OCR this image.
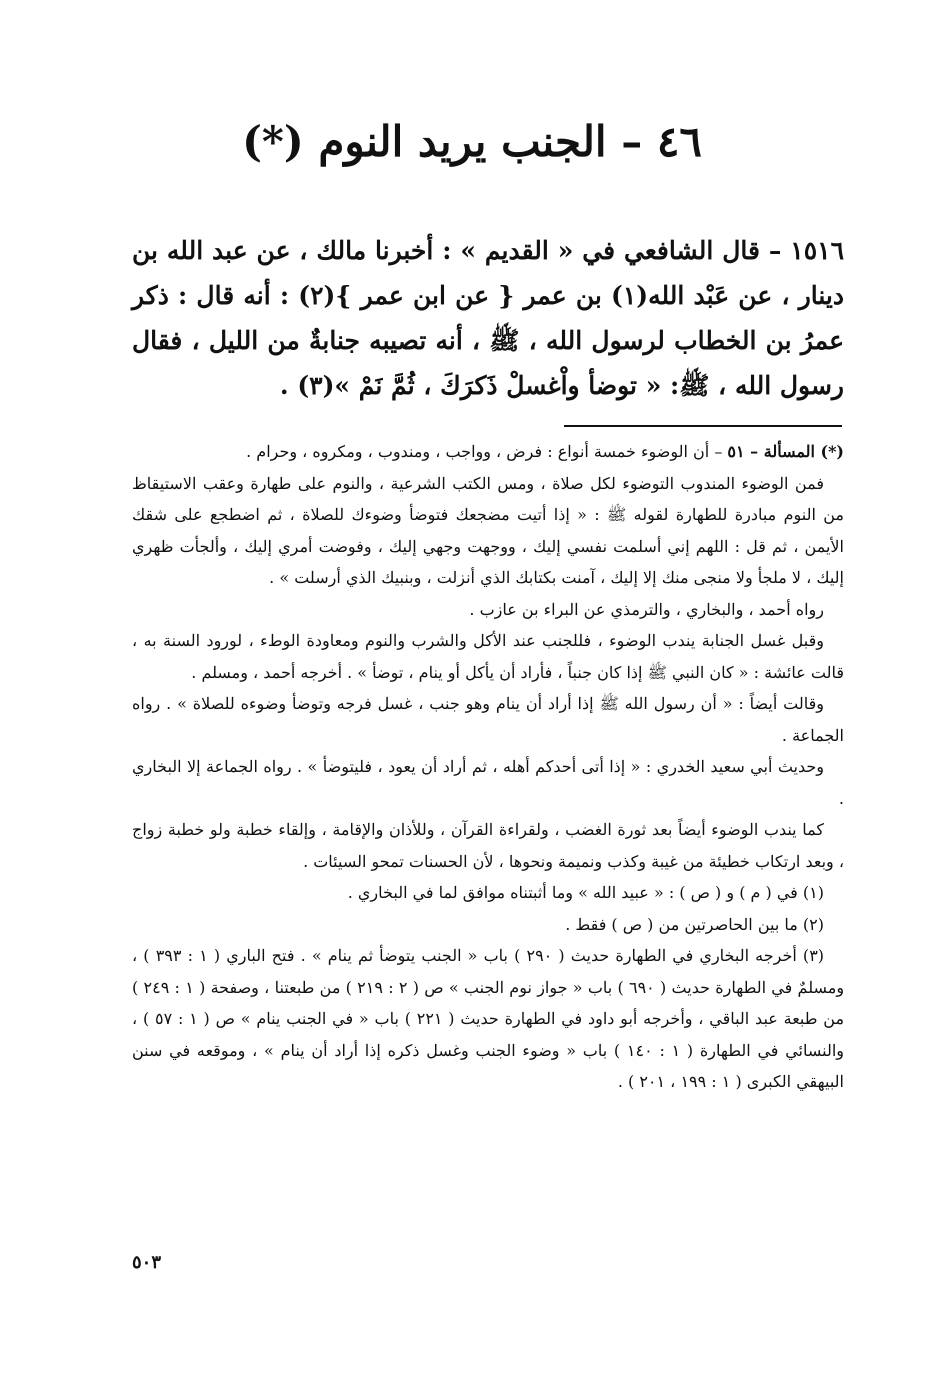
٤٦ – الجنب يريد النوم (*)

١٥١٦ – قال الشافعي في « القديم » : أخبرنا مالك ، عن عبد الله بن دينار ، عن عَبْد الله(١) بن عمر { عن ابن عمر }(٢) : أنه قال : ذكر عمرُ بن الخطاب لرسول الله ، ﷺ ، أنه تصيبه جنابةٌ من الليل ، فقال رسول الله ، ﷺ: « توضأ واْغسلْ ذَكرَكَ ، ثُمَّ نَمْ »(٣) .

(*) المسألة – ٥١ – أن الوضوء خمسة أنواع : فرض ، وواجب ، ومندوب ، ومكروه ، وحرام .

فمن الوضوء المندوب التوضوء لكل صلاة ، ومس الكتب الشرعية ، والنوم على طهارة وعقب الاستيقاظ من النوم مبادرة للطهارة لقوله ﷺ : « إذا أتيت مضجعك فتوضأ وضوءك للصلاة ، ثم اضطجع على شقك الأيمن ، ثم قل : اللهم إني أسلمت نفسي إليك ، ووجهت وجهي إليك ، وفوضت أمري إليك ، وألجأت ظهري إليك ، لا ملجأ ولا منجى منك إلا إليك ، آمنت بكتابك الذي أنزلت ، وبنبيك الذي أرسلت » .

رواه أحمد ، والبخاري ، والترمذي عن البراء بن عازب .

وقبل غسل الجنابة يندب الوضوء ، فللجنب عند الأكل والشرب والنوم ومعاودة الوطء ، لورود السنة به ، قالت عائشة : « كان النبي ﷺ إذا كان جنباً ، فأراد أن يأكل أو ينام ، توضأ » . أخرجه أحمد ، ومسلم .

وقالت أيضاً : « أن رسول الله ﷺ إذا أراد أن ينام وهو جنب ، غسل فرجه وتوضأ وضوءه للصلاة » . رواه الجماعة .

وحديث أبي سعيد الخدري : « إذا أتى أحدكم أهله ، ثم أراد أن يعود ، فليتوضأ » . رواه الجماعة إلا البخاري .

كما يندب الوضوء أيضاً بعد ثورة الغضب ، ولقراءة القرآن ، وللأذان والإقامة ، وإلقاء خطبة ولو خطبة زواج ، وبعد ارتكاب خطيئة من غيبة وكذب ونميمة ونحوها ، لأن الحسنات تمحو السيئات .

(١) في ( م ) و ( ص ) : « عبيد الله » وما أثبتناه موافق لما في البخاري .

(٢) ما بين الحاصرتين من ( ص ) فقط .

(٣) أخرجه البخاري في الطهارة حديث ( ٢٩٠ ) باب « الجنب يتوضأ ثم ينام » . فتح الباري ( ١ : ٣٩٣ ) ، ومسلمٌ في الطهارة حديث ( ٦٩٠ ) باب « جواز نوم الجنب » ص ( ٢ : ٢١٩ ) من طبعتنا ، وصفحة ( ١ : ٢٤٩ ) من طبعة عبد الباقي ، وأخرجه أبو داود في الطهارة حديث ( ٢٢١ ) باب « في الجنب ينام » ص ( ١ : ٥٧ ) ، والنسائي في الطهارة ( ١ : ١٤٠ ) باب « وضوء الجنب وغسل ذكره إذا أراد أن ينام » ، وموقعه في سنن البيهقي الكبرى ( ١ : ١٩٩ ، ٢٠١ ) .

٥٠٣
